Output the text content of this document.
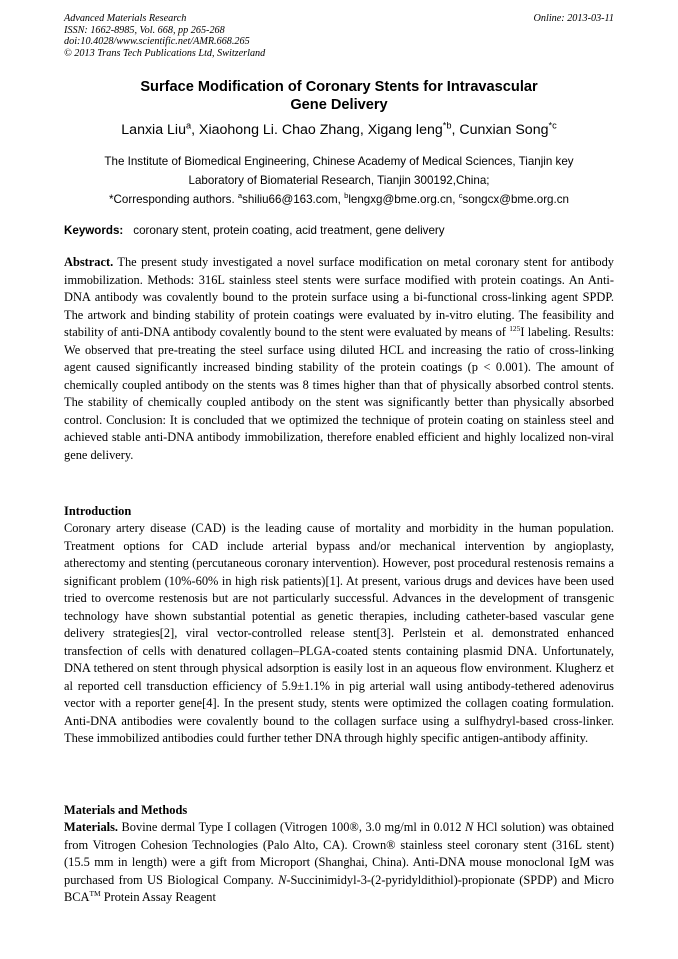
Advanced Materials Research
ISSN: 1662-8985, Vol. 668, pp 265-268
doi:10.4028/www.scientific.net/AMR.668.265
© 2013 Trans Tech Publications Ltd, Switzerland
Online: 2013-03-11
Surface Modification of Coronary Stents for Intravascular
Gene Delivery
Lanxia Liu$^a$, Xiaohong Li. Chao Zhang, Xigang leng$^{*b}$, Cunxian Song$^{*c}$
The Institute of Biomedical Engineering, Chinese Academy of Medical Sciences, Tianjin key
Laboratory of Biomaterial Research, Tianjin 300192,China;
*Corresponding authors. $^a$shiliu66@163.com, $^b$lengxg@bme.org.cn, $^c$songcx@bme.org.cn
Keywords: coronary stent, protein coating, acid treatment, gene delivery
Abstract. The present study investigated a novel surface modification on metal coronary stent for antibody immobilization. Methods: 316L stainless steel stents were surface modified with protein coatings. An Anti-DNA antibody was covalently bound to the protein surface using a bi-functional cross-linking agent SPDP. The artwork and binding stability of protein coatings were evaluated by in-vitro eluting. The feasibility and stability of anti-DNA antibody covalently bound to the stent were evaluated by means of $^{125}$I labeling. Results: We observed that pre-treating the steel surface using diluted HCL and increasing the ratio of cross-linking agent caused significantly increased binding stability of the protein coatings (p < 0.001). The amount of chemically coupled antibody on the stents was 8 times higher than that of physically absorbed control stents. The stability of chemically coupled antibody on the stent was significantly better than physically absorbed control. Conclusion: It is concluded that we optimized the technique of protein coating on stainless steel and achieved stable anti-DNA antibody immobilization, therefore enabled efficient and highly localized non-viral gene delivery.
Introduction
Coronary artery disease (CAD) is the leading cause of mortality and morbidity in the human population. Treatment options for CAD include arterial bypass and/or mechanical intervention by angioplasty, atherectomy and stenting (percutaneous coronary intervention). However, post procedural restenosis remains a significant problem (10%-60% in high risk patients)[1]. At present, various drugs and devices have been used tried to overcome restenosis but are not particularly successful. Advances in the development of transgenic technology have shown substantial potential as genetic therapies, including catheter-based vascular gene delivery strategies[2], viral vector-controlled release stent[3]. Perlstein et al. demonstrated enhanced transfection of cells with denatured collagen–PLGA-coated stents containing plasmid DNA. Unfortunately, DNA tethered on stent through physical adsorption is easily lost in an aqueous flow environment. Klugherz et al reported cell transduction efficiency of 5.9±1.1% in pig arterial wall using antibody-tethered adenovirus vector with a reporter gene[4]. In the present study, stents were optimized the collagen coating formulation. Anti-DNA antibodies were covalently bound to the collagen surface using a sulfhydryl-based cross-linker. These immobilized antibodies could further tether DNA through highly specific antigen-antibody affinity.
Materials and Methods
Materials. Bovine dermal Type I collagen (Vitrogen 100®, 3.0 mg/ml in 0.012 N HCl solution) was obtained from Vitrogen Cohesion Technologies (Palo Alto, CA). Crown® stainless steel coronary stent (316L stent) (15.5 mm in length) were a gift from Microport (Shanghai, China). Anti-DNA mouse monoclonal IgM was purchased from US Biological Company. N-Succinimidyl-3-(2-pyridyldithiol)-propionate (SPDP) and Micro BCA™ Protein Assay Reagent
